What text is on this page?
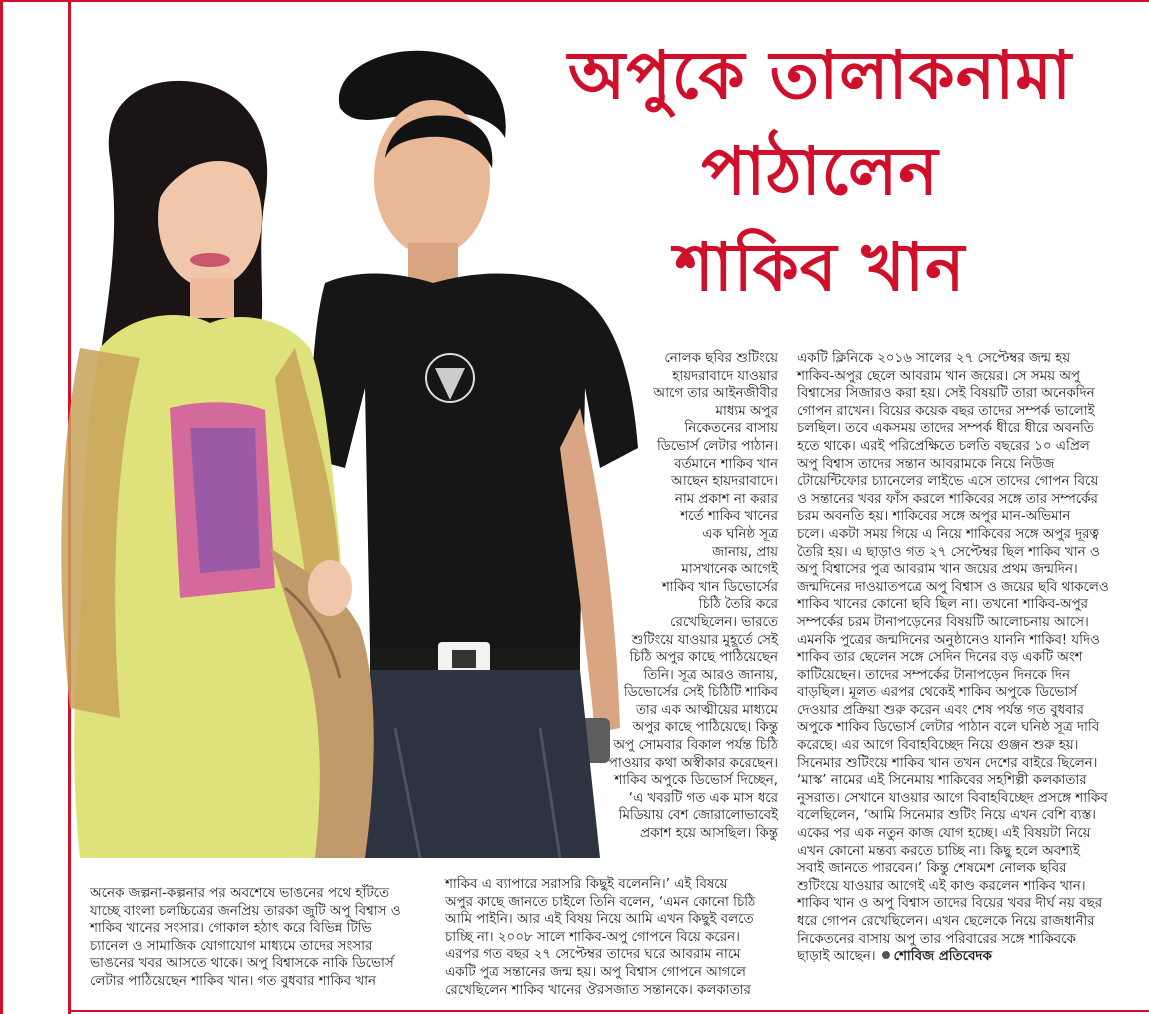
অপুকে তালাকনামা
পাঠালেন
শাকিব খান

নোলক ছবির শুটিংয়ে

হায়দরাবাদে যাওয়ার

আগে তার আইনজীবীর

মাধ্যম অপুর

নিকেতনের বাসায়

ডিভোর্স লেটার পাঠান।

বর্তমানে শাকিব খান

আছেন হায়দরাবাদে।

নাম প্রকাশ না করার

শর্তে শাকিব খানের

এক ঘনিষ্ঠ সূত্র

জানায়, প্রায়

মাসখানেক আগেই

শাকিব খান ডিভোর্সের

চিঠি তৈরি করে

রেখেছিলেন। ভারতে

শুটিংয়ে যাওয়ার মুহূর্তে সেই

চিঠি অপুর কাছে পাঠিয়েছেন

তিনি। সূত্র আরও জানায়,

ডিভোর্সের সেই চিঠিটি শাকিব

তার এক আত্মীয়ের মাধ্যমে

অপুর কাছে পাঠিয়েছে। কিন্তু

অপু সোমবার বিকাল পর্যন্ত চিঠি

পাওয়ার কথা অস্বীকার করেছেন।

শাকিব অপুকে ডিভোর্স দিচ্ছেন,

‘এ খবরটি গত এক মাস ধরে

মিডিয়ায় বেশ জোরালোভাবেই

প্রকাশ হয়ে আসছিল। কিন্তু

একটি ক্লিনিকে ২০১৬ সালের ২৭ সেপ্টেম্বর জন্ম হয়

শাকিব-অপুর ছেলে আবরাম খান জয়ের। সে সময় অপু

বিশ্বাসের সিজারও করা হয়। সেই বিষয়টি তারা অনেকদিন

গোপন রাখেন। বিয়ের কয়েক বছর তাদের সম্পর্ক ভালোই

চলছিল। তবে একসময় তাদের সম্পর্ক ধীরে ধীরে অবনতি

হতে থাকে। এরই পরিপ্রেক্ষিতে চলতি বছরের ১০ এপ্রিল

অপু বিশ্বাস তাদের সন্তান আবরামকে নিয়ে নিউজ

টোয়েন্টিফোর চ্যানেলের লাইভে এসে তাদের গোপন বিয়ে

ও সন্তানের খবর ফাঁস করলে শাকিবের সঙ্গে তার সম্পর্কের

চরম অবনতি হয়। শাকিবের সঙ্গে অপুর মান-অভিমান

চলে। একটা সময় গিয়ে এ নিয়ে শাকিবের সঙ্গে অপুর দূরত্ব

তৈরি হয়। এ ছাড়াও গত ২৭ সেপ্টেম্বর ছিল শাকিব খান ও

অপু বিশ্বাসের পুত্র আবরাম খান জয়ের প্রথম জন্মদিন।

জন্মদিনের দাওয়াতপত্রে অপু বিশ্বাস ও জয়ের ছবি থাকলেও

শাকিব খানের কোনো ছবি ছিল না। তখনো শাকিব-অপুর

সম্পর্কের চরম টানাপড়েনের বিষয়টি আলোচনায় আসে।

এমনকি পুত্রের জন্মদিনের অনুষ্ঠানেও যাননি শাকিব! যদিও

শাকিব তার ছেলেন সঙ্গে সেদিন দিনের বড় একটি অংশ

কাটিয়েছেন। তাদের সম্পর্কের টানাপড়েন দিনকে দিন

বাড়ছিল। মূলত এরপর থেকেই শাকিব অপুকে ডিভোর্স

দেওয়ার প্রক্রিয়া শুরু করেন এবং শেষ পর্যন্ত গত বুধবার

অপুকে শাকিব ডিভোর্স লেটার পাঠান বলে ঘনিষ্ঠ সূত্র দাবি

করেছে। এর আগে বিবাহবিচ্ছেদ নিয়ে গুঞ্জন শুরু হয়।

সিনেমার শুটিংয়ে শাকিব খান তখন দেশের বাইরে ছিলেন।

‘মাস্ক’ নামের এই সিনেমায় শাকিবের সহশিল্পী কলকাতার

নুসরাত। সেখানে যাওয়ার আগে বিবাহবিচ্ছেদ প্রসঙ্গে শাকিব

বলেছিলেন, ‘আমি সিনেমার শুটিং নিয়ে এখন বেশি ব্যস্ত।

একের পর এক নতুন কাজ যোগ হচ্ছে। এই বিষয়টা নিয়ে

এখন কোনো মন্তব্য করতে চাচ্ছি না। কিছু হলে অবশ্যই

সবাই জানতে পারবেন।’ কিন্তু শেষমেশ নোলক ছবির

শুটিংয়ে যাওয়ার আগেই এই কাণ্ড করলেন শাকিব খান।

শাকিব খান ও অপু বিশ্বাস তাদের বিয়ের খবর দীর্ঘ নয় বছর

ধরে গোপন রেখেছিলেন। এখন ছেলেকে নিয়ে রাজধানীর

নিকেতনের বাসায় অপু তার পরিবারের সঙ্গে শাকিবকে

ছাড়াই আছেন। শোবিজ প্রতিবেদক

অনেক জল্পনা-কল্পনার পর অবশেষে ভাঙনের পথে হাঁটতে

যাচ্ছে বাংলা চলচ্চিত্রের জনপ্রিয় তারকা জুটি অপু বিশ্বাস ও

শাকিব খানের সংসার। গোকাল হঠাৎ করে বিভিন্ন টিভি

চ্যানেল ও সামাজিক যোগাযোগ মাধ্যমে তাদের সংসার

ভাঙনের খবর আসতে থাকে। অপু বিশ্বাসকে নাকি ডিভোর্স

লেটার পাঠিয়েছেন শাকিব খান। গত বুধবার শাকিব খান

শাকিব এ ব্যাপারে সরাসরি কিছুই বলেননি।’ এই বিষয়ে

অপুর কাছে জানতে চাইলে তিনি বলেন, ‘এমন কোনো চিঠি

আমি পাইনি। আর এই বিষয় নিয়ে আমি এখন কিছুই বলতে

চাচ্ছি না। ২০০৮ সালে শাকিব-অপু গোপনে বিয়ে করেন।

এরপর গত বছর ২৭ সেপ্টেম্বর তাদের ঘরে আবরাম নামে

একটি পুত্র সন্তানের জন্ম হয়। অপু বিশ্বাস গোপনে আগলে

রেখেছিলেন শাকিব খানের ঔরসজাত সন্তানকে। কলকাতার
